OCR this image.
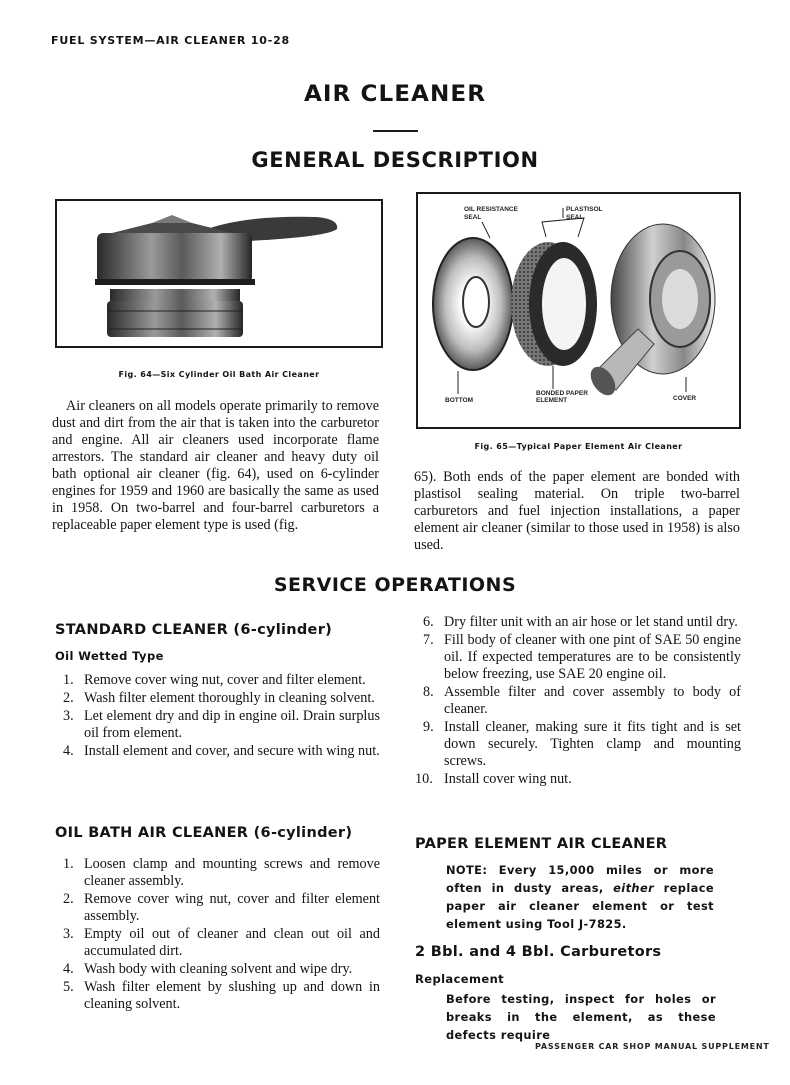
FUEL SYSTEM—AIR CLEANER 10-28
AIR CLEANER
GENERAL DESCRIPTION
Fig. 64—Six Cylinder Oil Bath Air Cleaner
OIL RESISTANCE
SEAL
PLASTISOL
SEAL
BOTTOM
BONDED PAPER
ELEMENT	COVER
Fig. 65—Typical Paper Element Air Cleaner
Air cleaners on all models operate primarily to remove dust and dirt from the air that is taken into the carburetor and engine. All air cleaners used incorporate flame arrestors. The standard air cleaner and heavy duty oil bath optional air cleaner (fig. 64), used on 6-cylinder engines for 1959 and 1960 are basically the same as used in 1958. On two-barrel and four-barrel carburetors a replaceable paper element type is used (fig.
65). Both ends of the paper element are bonded with plastisol sealing material. On triple two-barrel carburetors and fuel injection installations, a paper element air cleaner (similar to those used in 1958) is also used.
SERVICE OPERATIONS
STANDARD CLEANER (6-cylinder)
Oil Wetted Type
1. Remove cover wing nut, cover and filter element.
2. Wash filter element thoroughly in cleaning solvent.
3. Let element dry and dip in engine oil. Drain surplus oil from element.
4. Install element and cover, and secure with wing nut.
OIL BATH AIR CLEANER (6-cylinder)
1. Loosen clamp and mounting screws and remove cleaner assembly.
2. Remove cover wing nut, cover and filter element assembly.
3. Empty oil out of cleaner and clean out oil and accumulated dirt.
4. Wash body with cleaning solvent and wipe dry.
5. Wash filter element by slushing up and down in cleaning solvent.
6. Dry filter unit with an air hose or let stand until dry.
7. Fill body of cleaner with one pint of SAE 50 engine oil. If expected temperatures are to be consistently below freezing, use SAE 20 engine oil.
8. Assemble filter and cover assembly to body of cleaner.
9. Install cleaner, making sure it fits tight and is set down securely. Tighten clamp and mounting screws.
10. Install cover wing nut.
PAPER ELEMENT AIR CLEANER
NOTE: Every 15,000 miles or more often in dusty areas, either replace paper air cleaner element or test element using Tool J-7825.
2 Bbl. and 4 Bbl. Carburetors
Replacement
Before testing, inspect for holes or breaks in the element, as these defects require
PASSENGER CAR SHOP MANUAL SUPPLEMENT
